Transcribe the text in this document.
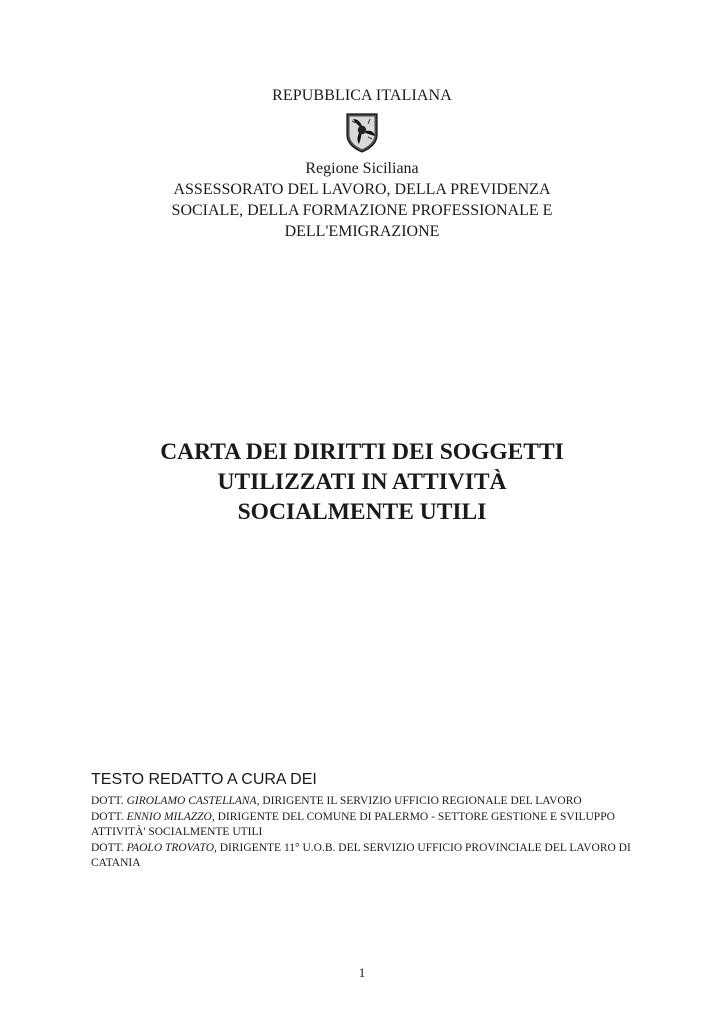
REPUBBLICA ITALIANA
Regione Siciliana
ASSESSORATO DEL LAVORO, DELLA PREVIDENZA
SOCIALE, DELLA FORMAZIONE PROFESSIONALE E
DELL'EMIGRAZIONE
CARTA DEI DIRITTI DEI SOGGETTI
UTILIZZATI IN ATTIVITÀ
SOCIALMENTE UTILI
TESTO REDATTO A CURA DEI
DOTT. GIROLAMO CASTELLANA, DIRIGENTE IL SERVIZIO UFFICIO REGIONALE DEL LAVORO
DOTT. ENNIO MILAZZO, DIRIGENTE DEL COMUNE DI PALERMO - SETTORE GESTIONE E SVILUPPO ATTIVITÀ' SOCIALMENTE UTILI
DOTT. PAOLO TROVATO, DIRIGENTE 11° U.O.B. DEL SERVIZIO UFFICIO PROVINCIALE DEL LAVORO DI CATANIA
1
